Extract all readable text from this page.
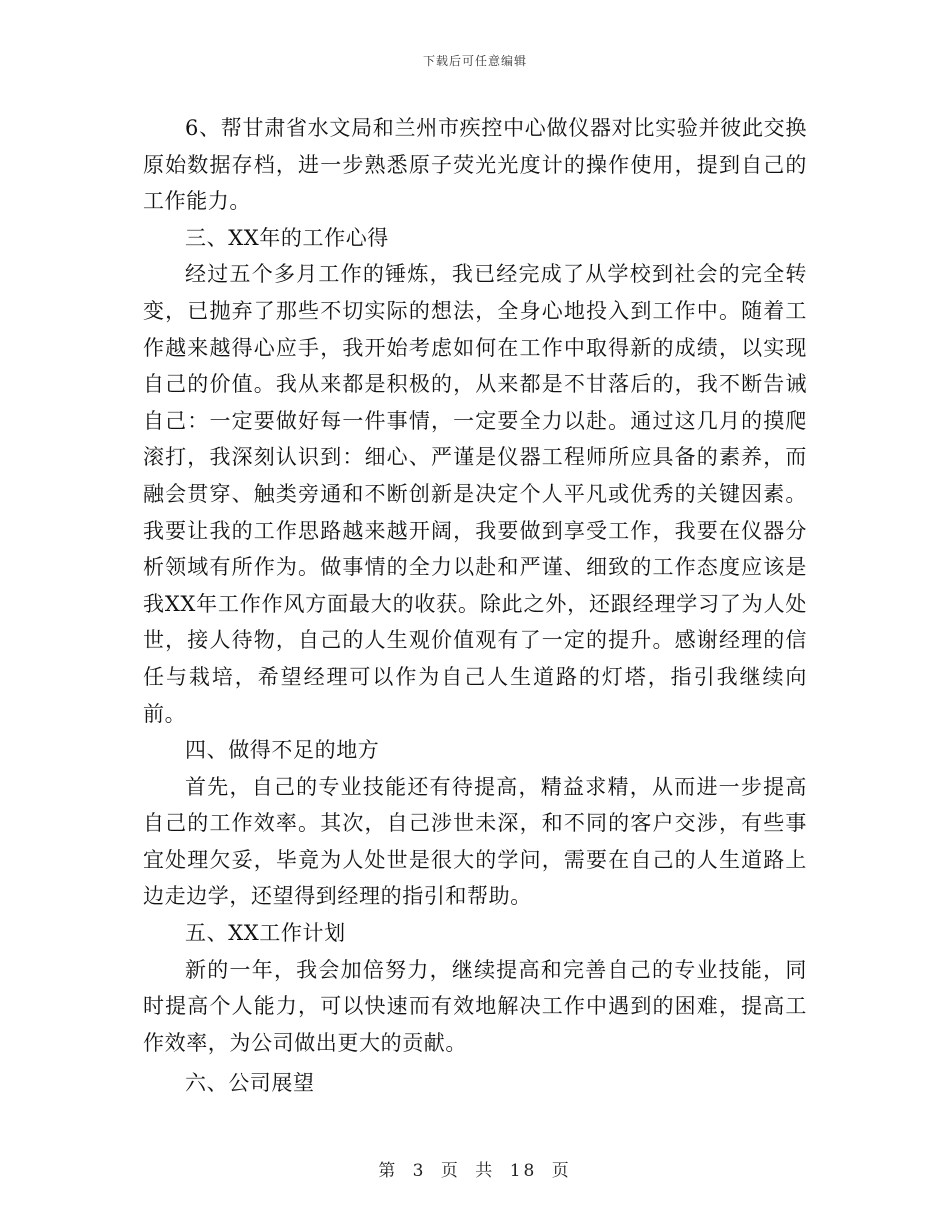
下载后可任意编辑

6、帮甘肃省水文局和兰州市疾控中心做仪器对比实验并彼此交换原始数据存档，进一步熟悉原子荧光光度计的操作使用，提到自己的工作能力。

三、XX年的工作心得

经过五个多月工作的锤炼，我已经完成了从学校到社会的完全转变，已抛弃了那些不切实际的想法，全身心地投入到工作中。随着工作越来越得心应手，我开始考虑如何在工作中取得新的成绩，以实现自己的价值。我从来都是积极的，从来都是不甘落后的，我不断告诫自己：一定要做好每一件事情，一定要全力以赴。通过这几月的摸爬滚打，我深刻认识到：细心、严谨是仪器工程师所应具备的素养，而融会贯穿、触类旁通和不断创新是决定个人平凡或优秀的关键因素。我要让我的工作思路越来越开阔，我要做到享受工作，我要在仪器分析领域有所作为。做事情的全力以赴和严谨、细致的工作态度应该是我XX年工作作风方面最大的收获。除此之外，还跟经理学习了为人处世，接人待物，自己的人生观价值观有了一定的提升。感谢经理的信任与栽培，希望经理可以作为自己人生道路的灯塔，指引我继续向前。

四、做得不足的地方

首先，自己的专业技能还有待提高，精益求精，从而进一步提高自己的工作效率。其次，自己涉世未深，和不同的客户交涉，有些事宜处理欠妥，毕竟为人处世是很大的学问，需要在自己的人生道路上边走边学，还望得到经理的指引和帮助。

五、XX工作计划

新的一年，我会加倍努力，继续提高和完善自己的专业技能，同时提高个人能力，可以快速而有效地解决工作中遇到的困难，提高工作效率，为公司做出更大的贡献。

六、公司展望

第 3 页 共 18 页
